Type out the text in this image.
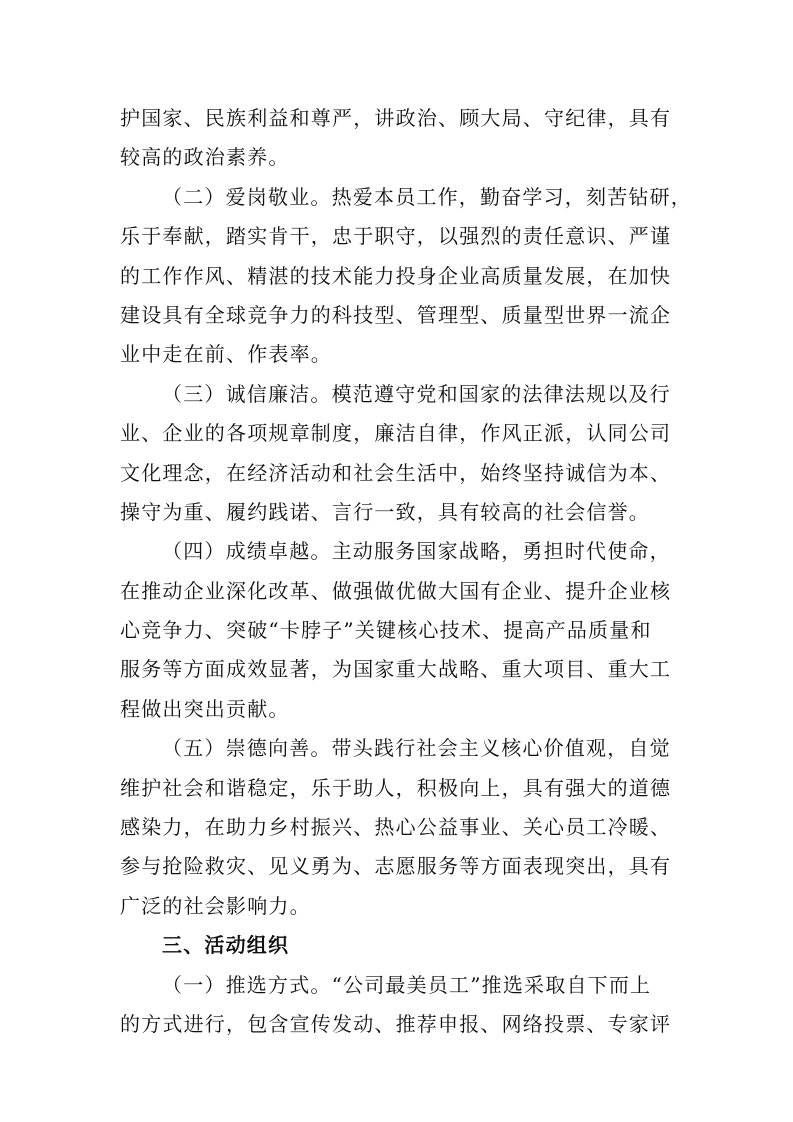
护国家、民族利益和尊严，讲政治、顾大局、守纪律，具有
较高的政治素养。
（二）爱岗敬业。热爱本员工作，勤奋学习，刻苦钻研，
乐于奉献，踏实肯干，忠于职守，以强烈的责任意识、严谨
的工作作风、精湛的技术能力投身企业高质量发展，在加快
建设具有全球竞争力的科技型、管理型、质量型世界一流企
业中走在前、作表率。
（三）诚信廉洁。模范遵守党和国家的法律法规以及行
业、企业的各项规章制度，廉洁自律，作风正派，认同公司
文化理念，在经济活动和社会生活中，始终坚持诚信为本、
操守为重、履约践诺、言行一致，具有较高的社会信誉。
（四）成绩卓越。主动服务国家战略，勇担时代使命，
在推动企业深化改革、做强做优做大国有企业、提升企业核
心竞争力、突破“卡脖子”关键核心技术、提高产品质量和
服务等方面成效显著，为国家重大战略、重大项目、重大工
程做出突出贡献。
（五）崇德向善。带头践行社会主义核心价值观，自觉
维护社会和谐稳定，乐于助人，积极向上，具有强大的道德
感染力，在助力乡村振兴、热心公益事业、关心员工冷暖、
参与抢险救灾、见义勇为、志愿服务等方面表现突出，具有
广泛的社会影响力。
三、活动组织
（一）推选方式。“公司最美员工”推选采取自下而上
的方式进行，包含宣传发动、推荐申报、网络投票、专家评
